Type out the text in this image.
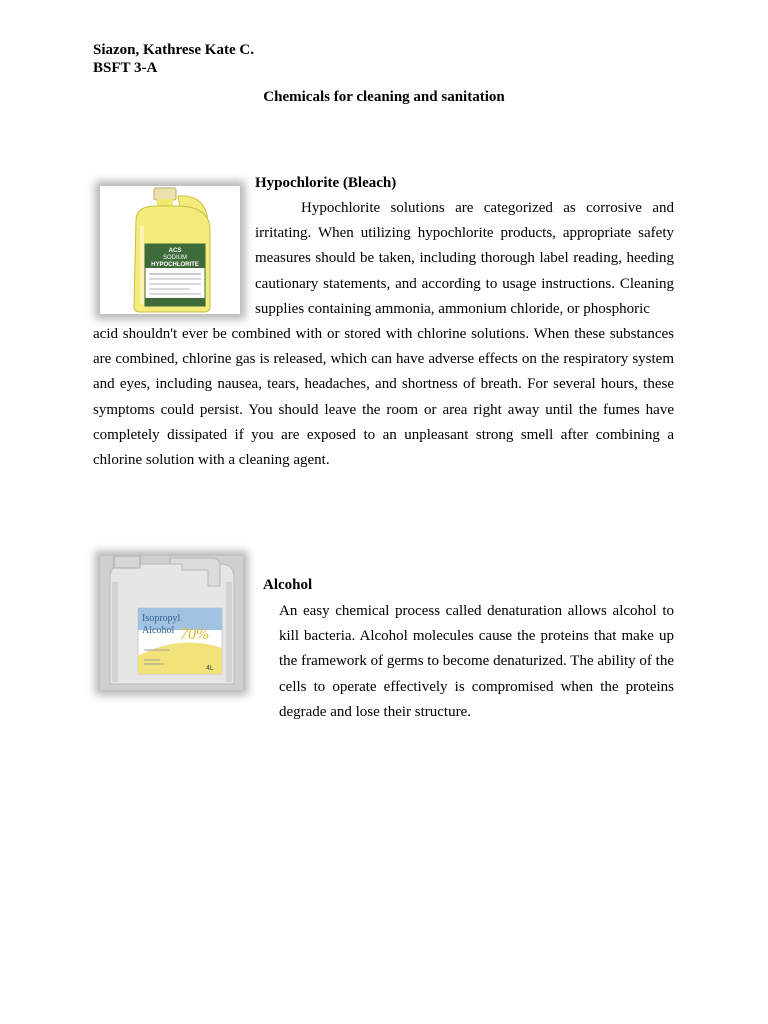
Siazon, Kathrese Kate C.
BSFT 3-A
Chemicals for cleaning and sanitation
ACS
SODIUM
HYPOCHLORITE
Hypochlorite (Bleach)

Hypochlorite solutions are categorized as corrosive and irritating. When utilizing hypochlorite products, appropriate safety measures should be taken, including thorough label reading, heeding cautionary statements, and according to usage instructions. Cleaning supplies containing ammonia, ammonium chloride, or phosphoric

acid shouldn't ever be combined with or stored with chlorine solutions. When these substances are combined, chlorine gas is released, which can have adverse effects on the respiratory system and eyes, including nausea, tears, headaches, and shortness of breath. For several hours, these symptoms could persist. You should leave the room or area right away until the fumes have completely dissipated if you are exposed to an unpleasant strong smell after combining a chlorine solution with a cleaning agent.

Isopropyl
Alcohol 70%
4L
Alcohol

An easy chemical process called denaturation allows alcohol to kill bacteria. Alcohol molecules cause the proteins that make up the framework of germs to become denaturized. The ability of the cells to operate effectively is compromised when the proteins degrade and lose their structure.
